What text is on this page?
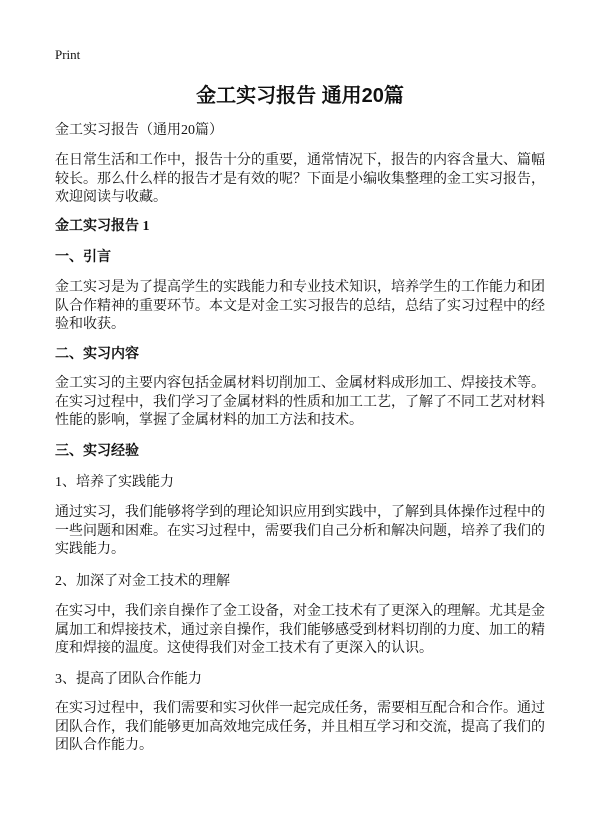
Print
金工实习报告 通用20篇

金工实习报告（通用20篇）

在日常生活和工作中，报告十分的重要，通常情况下，报告的内容含量大、篇幅较长。那么什么样的报告才是有效的呢？下面是小编收集整理的金工实习报告，欢迎阅读与收藏。

金工实习报告 1

一、引言

金工实习是为了提高学生的实践能力和专业技术知识，培养学生的工作能力和团队合作精神的重要环节。本文是对金工实习报告的总结，总结了实习过程中的经验和收获。

二、实习内容

金工实习的主要内容包括金属材料切削加工、金属材料成形加工、焊接技术等。在实习过程中，我们学习了金属材料的性质和加工工艺，了解了不同工艺对材料性能的影响，掌握了金属材料的加工方法和技术。

三、实习经验

1、培养了实践能力

通过实习，我们能够将学到的理论知识应用到实践中，了解到具体操作过程中的一些问题和困难。在实习过程中，需要我们自己分析和解决问题，培养了我们的实践能力。

2、加深了对金工技术的理解

在实习中，我们亲自操作了金工设备，对金工技术有了更深入的理解。尤其是金属加工和焊接技术，通过亲自操作，我们能够感受到材料切削的力度、加工的精度和焊接的温度。这使得我们对金工技术有了更深入的认识。

3、提高了团队合作能力

在实习过程中，我们需要和实习伙伴一起完成任务，需要相互配合和合作。通过团队合作，我们能够更加高效地完成任务，并且相互学习和交流，提高了我们的团队合作能力。
